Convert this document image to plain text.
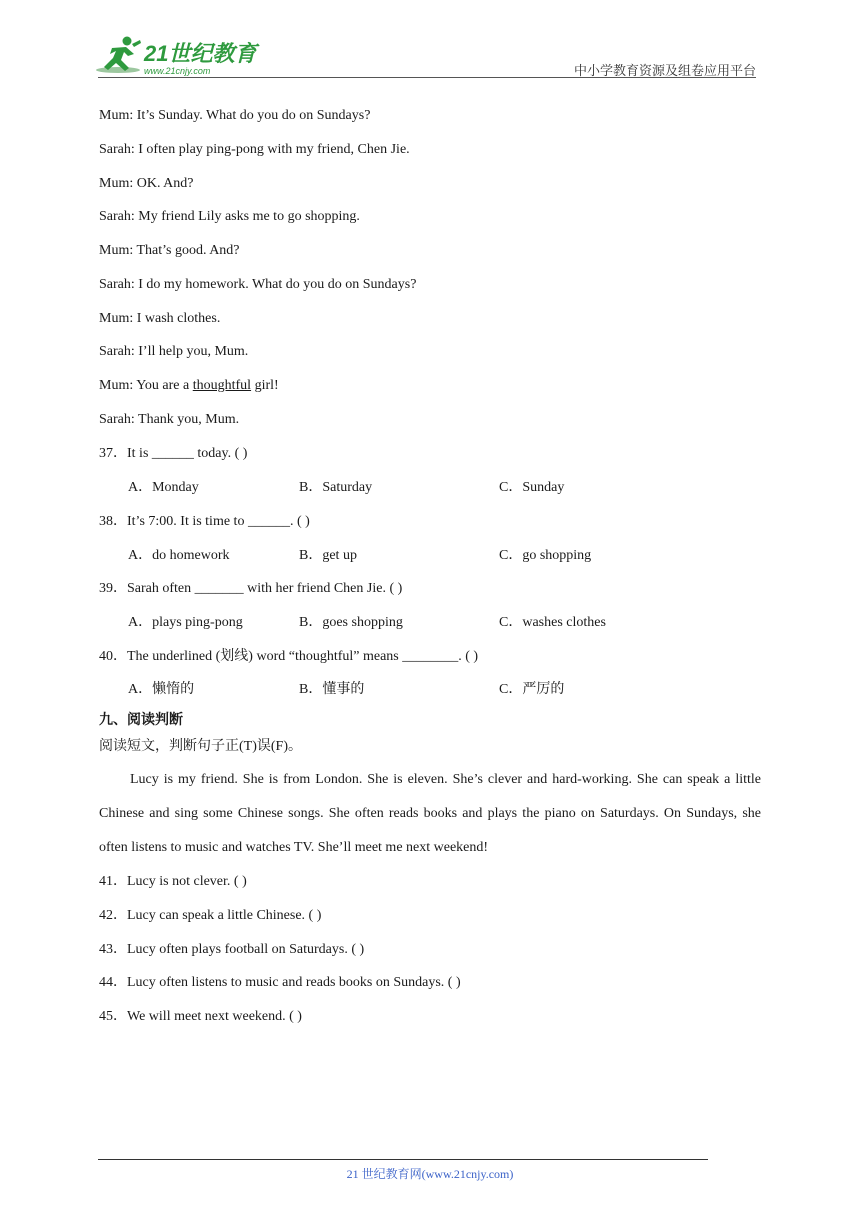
21世纪教育
www.21cnjy.com	中小学教育资源及组卷应用平台
Mum: It’s Sunday. What do you do on Sundays?
Sarah: I often play ping-pong with my friend, Chen Jie.
Mum: OK. And?
Sarah: My friend Lily asks me to go shopping.
Mum: That’s good. And?
Sarah: I do my homework. What do you do on Sundays?
Mum: I wash clothes.
Sarah: I’ll help you, Mum.
Mum: You are a thoughtful girl!
Sarah: Thank you, Mum.
37．It is ______ today. ( )
A．Monday	B．Saturday	C．Sunday
38．It’s 7:00. It is time to ______. ( )
A．do homework	B．get up	C．go shopping
39．Sarah often _______ with her friend Chen Jie. ( )
A．plays ping-pong	B．goes shopping	C．washes clothes
40．The underlined (划线) word “thoughtful” means ________. ( )
A．懒惰的	B．懂事的	C．严厉的
九、阅读判断
阅读短文，判断句子正(T)误(F)。
Lucy is my friend. She is from London. She is eleven. She’s clever and hard-working. She can speak a little Chinese and sing some Chinese songs. She often reads books and plays the piano on Saturdays. On Sundays, she often listens to music and watches TV. She’ll meet me next weekend!
41．Lucy is not clever. ( )
42．Lucy can speak a little Chinese. ( )
43．Lucy often plays football on Saturdays. ( )
44．Lucy often listens to music and reads books on Sundays. ( )
45．We will meet next weekend. ( )
21 世纪教育网(www.21cnjy.com)
